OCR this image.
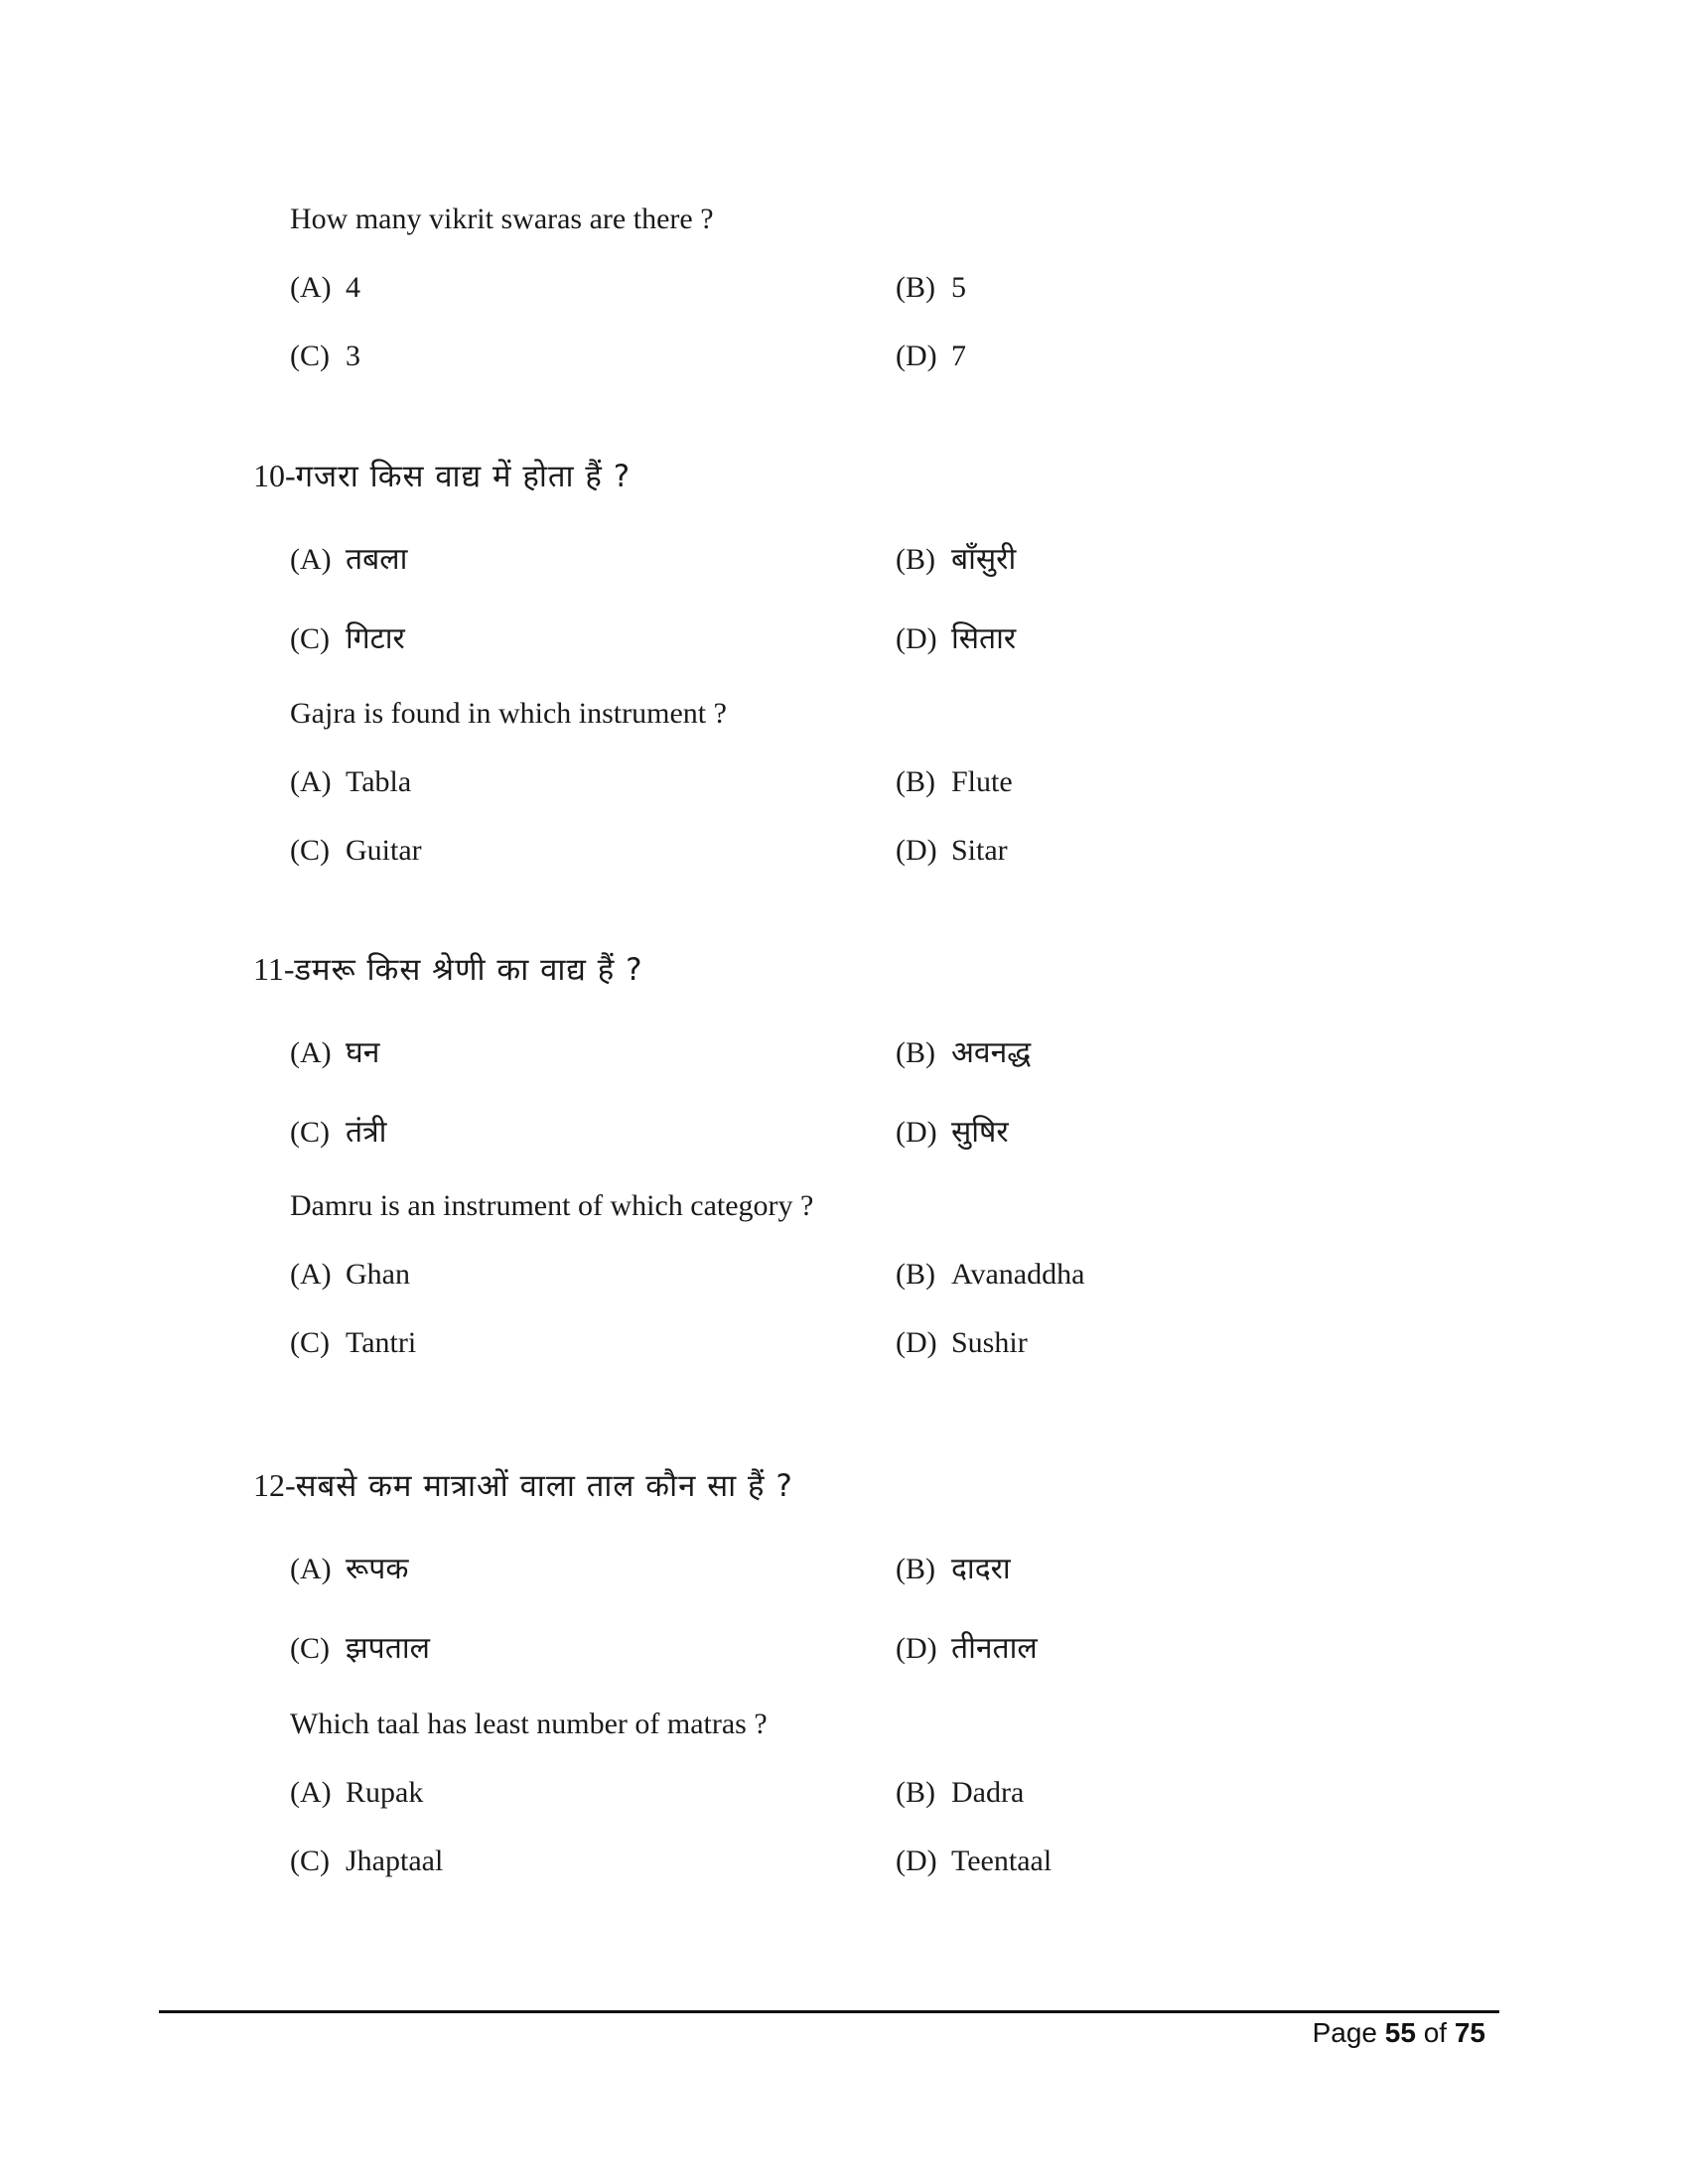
How many vikrit swaras are there ?
(A) 4	(B) 5
(C) 3	(D) 7
10-गजरा किस वाद्य में होता हैं ?
(A) तबला	(B) बाँसुरी
(C) गिटार	(D) सितार
Gajra is found in which instrument ?
(A) Tabla	(B) Flute
(C) Guitar	(D) Sitar
11-डमरू किस श्रेणी का वाद्य हैं ?
(A) घन	(B) अवनद्ध
(C) तंत्री	(D) सुषिर
Damru is an instrument of which category ?
(A) Ghan	(B) Avanaddha
(C) Tantri	(D) Sushir
12-सबसे कम मात्राओं वाला ताल कौन सा हैं ?
(A) रूपक	(B) दादरा
(C) झपताल	(D) तीनताल
Which taal has least number of matras ?
(A) Rupak	(B) Dadra
(C) Jhaptaal	(D) Teentaal
Page 55 of 75
